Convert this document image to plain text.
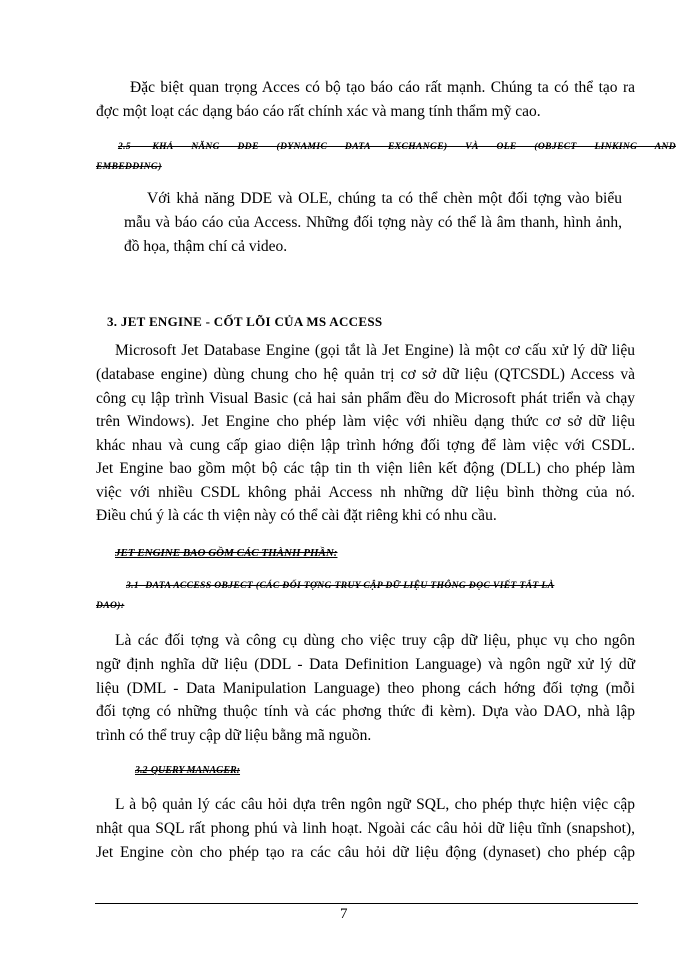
Đặc biệt quan trọng Acces có bộ tạo báo cáo rất mạnh. Chúng ta có thể tạo ra
đợc một loạt các dạng báo cáo rất chính xác và mang tính thẩm mỹ cao.
2.5- KHẢ NĂNG DDE (DYNAMIC DATA EXCHANGE) VÀ OLE (OBJECT LINKING AND
EMBEDDING)
Với khả năng DDE và OLE, chúng ta có thể chèn một đối tợng vào biểu
mẫu và báo cáo của Access. Những đối tợng này có thể là âm thanh, hình ảnh,
đồ họa, thậm chí cả video.
3. JET ENGINE - CỐT LÕI CỦA MS ACCESS
Microsoft Jet Database Engine (gọi tắt là Jet Engine) là một cơ cấu xử lý dữ liệu
(database engine) dùng chung cho hệ quản trị cơ sở dữ liệu (QTCSDL) Access và
công cụ lập trình Visual Basic (cả hai sản phẩm đều do Microsoft phát triển và chạy
trên Windows). Jet Engine cho phép làm việc với nhiều dạng thức cơ sở dữ liệu
khác nhau và cung cấp giao diện lập trình hớng đối tợng để làm việc với CSDL.
Jet Engine bao gồm một bộ các tập tin th viện liên kết động (DLL) cho phép làm
việc với nhiều CSDL không phải Access nh những dữ liệu bình thờng của nó.
Điều chú ý là các th viện này có thể cài đặt riêng khi có nhu cầu.
JET ENGINE BAO GỒM CÁC THÀNH PHẦN:
3.1- DATA ACCESS OBJECT (CÁC ĐỐI TỢNG TRUY CẬP DỮ LIỆU THÔNG ĐỌC VIẾT TẮT LÀ
DAO):
Là các đối tợng và công cụ dùng cho việc truy cập dữ liệu, phục vụ cho ngôn
ngữ định nghĩa dữ liệu (DDL - Data Definition Language) và ngôn ngữ xử lý dữ
liệu (DML - Data Manipulation Language) theo phong cách hớng đối tợng (mỗi
đối tợng có những thuộc tính và các phơng thức đi kèm). Dựa vào DAO, nhà lập
trình có thể truy cập dữ liệu bằng mã nguồn.
3.2-QUERY MANAGER:
L à bộ quản lý các câu hỏi dựa trên ngôn ngữ SQL, cho phép thực hiện việc cập
nhật qua SQL rất phong phú và linh hoạt. Ngoài các câu hỏi dữ liệu tĩnh (snapshot),
Jet Engine còn cho phép tạo ra các câu hỏi dữ liệu động (dynaset) cho phép cập
7
